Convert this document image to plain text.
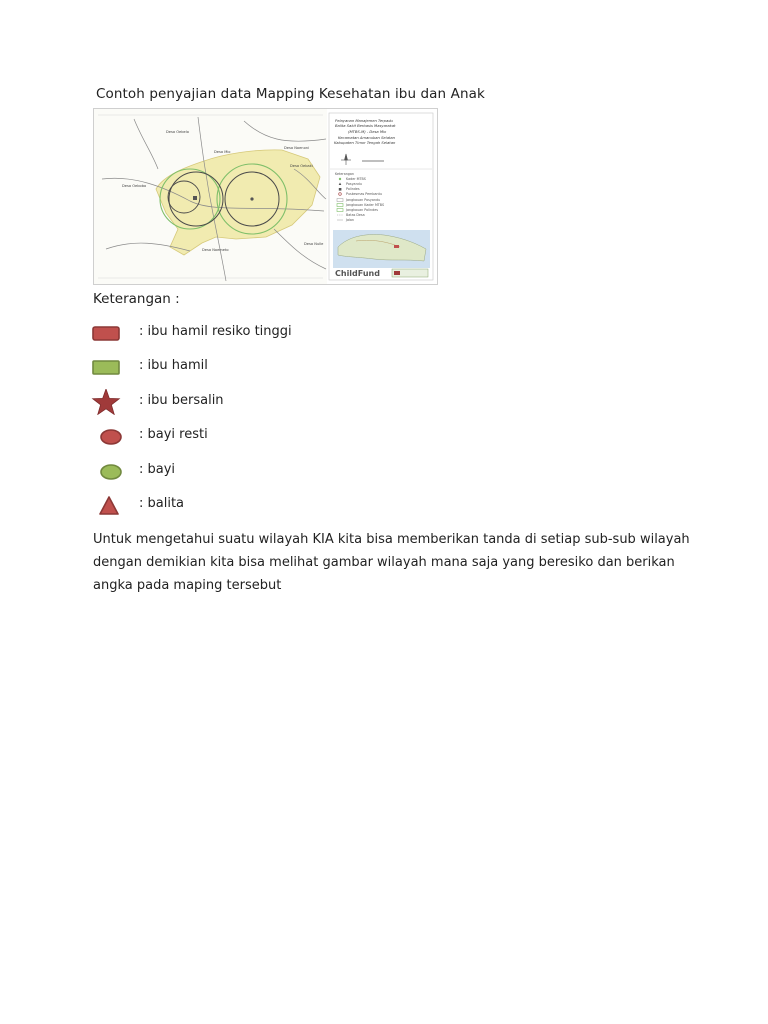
Contoh penyajian data Mapping Kesehatan ibu dan Anak
Desa Oebelo
Desa Mio
Desa Oebobo
Desa Noenoni
Desa Oebaki
Desa Nulle
Desa Noemeto
Pelayanan Manajemen Terpadu
Balita Sakit Berbasis Masyarakat
(MTBS-M) - Desa Mio
Kecamatan Amanuban Selatan
Kabupaten Timor Tengah Selatan
Keterangan
Kader MTBS
Posyandu
Polindes
Puskesmas Pembantu
Jangkauan Posyandu
Jangkauan Kader MTBS
Jangkauan Polindes
Batas Desa
Jalan
ChildFund
Keterangan :
: ibu hamil resiko tinggi
: ibu hamil
: ibu bersalin
: bayi resti
: bayi
: balita
Untuk mengetahui suatu wilayah KIA kita bisa memberikan tanda di setiap sub-sub wilayah
dengan demikian kita bisa melihat gambar wilayah mana saja yang beresiko dan berikan
angka pada maping tersebut
